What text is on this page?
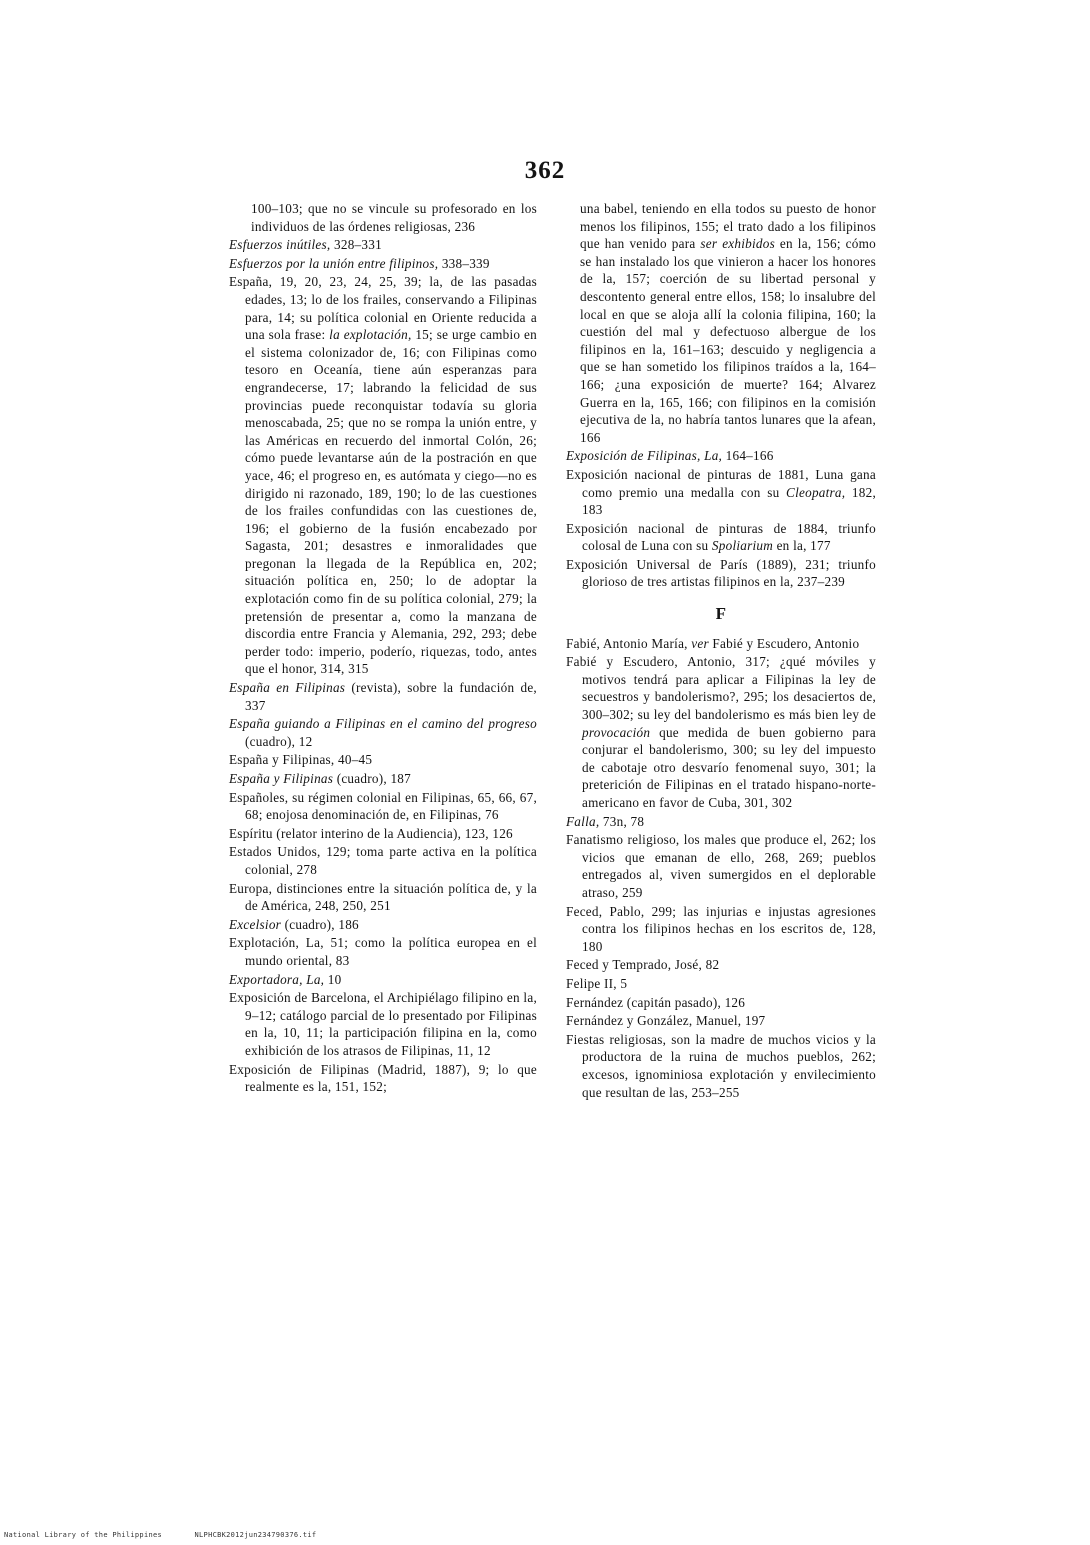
362

100–103; que no se vincule su profesorado en los individuos de las órdenes religiosas, 236

Esfuerzos inútiles, 328–331

Esfuerzos por la unión entre filipinos, 338–339

España, 19, 20, 23, 24, 25, 39; la, de las pasadas edades, 13; lo de los frailes, conservando a Filipinas para, 14; su política colonial en Oriente reducida a una sola frase: la explotación, 15; se urge cambio en el sistema colonizador de, 16; con Filipinas como tesoro en Oceanía, tiene aún esperanzas para engrandecerse, 17; labrando la felicidad de sus provincias puede reconquistar todavía su gloria menoscabada, 25; que no se rompa la unión entre, y las Américas en recuerdo del inmortal Colón, 26; cómo puede levantarse aún de la postración en que yace, 46; el progreso en, es autómata y ciego—no es dirigido ni razonado, 189, 190; lo de las cuestiones de los frailes confundidas con las cuestiones de, 196; el gobierno de la fusión encabezado por Sagasta, 201; desastres e inmoralidades que pregonan la llegada de la República en, 202; situación política en, 250; lo de adoptar la explotación como fin de su política colonial, 279; la pretensión de presentar a, como la manzana de discordia entre Francia y Alemania, 292, 293; debe perder todo: imperio, poderío, riquezas, todo, antes que el honor, 314, 315

España en Filipinas (revista), sobre la fundación de, 337

España guiando a Filipinas en el camino del progreso (cuadro), 12

España y Filipinas, 40–45

España y Filipinas (cuadro), 187

Españoles, su régimen colonial en Filipinas, 65, 66, 67, 68; enojosa denominación de, en Filipinas, 76

Espíritu (relator interino de la Audiencia), 123, 126

Estados Unidos, 129; toma parte activa en la política colonial, 278

Europa, distinciones entre la situación política de, y la de América, 248, 250, 251

Excelsior (cuadro), 186

Explotación, La, 51; como la política europea en el mundo oriental, 83

Exportadora, La, 10

Exposición de Barcelona, el Archipiélago filipino en la, 9–12; catálogo parcial de lo presentado por Filipinas en la, 10, 11; la participación filipina en la, como exhibición de los atrasos de Filipinas, 11, 12

Exposición de Filipinas (Madrid, 1887), 9; lo que realmente es la, 151, 152;

una babel, teniendo en ella todos su puesto de honor menos los filipinos, 155; el trato dado a los filipinos que han venido para ser exhibidos en la, 156; cómo se han instalado los que vinieron a hacer los honores de la, 157; coerción de su libertad personal y descontento general entre ellos, 158; lo insalubre del local en que se aloja allí la colonia filipina, 160; la cuestión del mal y defectuoso albergue de los filipinos en la, 161–163; descuido y negligencia a que se han sometido los filipinos traídos a la, 164–166; ¿una exposición de muerte? 164; Alvarez Guerra en la, 165, 166; con filipinos en la comisión ejecutiva de la, no habría tantos lunares que la afean, 166

Exposición de Filipinas, La, 164–166

Exposición nacional de pinturas de 1881, Luna gana como premio una medalla con su Cleopatra, 182, 183

Exposición nacional de pinturas de 1884, triunfo colosal de Luna con su Spoliarium en la, 177

Exposición Universal de París (1889), 231; triunfo glorioso de tres artistas filipinos en la, 237–239

F

Fabié, Antonio María, ver Fabié y Escudero, Antonio

Fabié y Escudero, Antonio, 317; ¿qué móviles y motivos tendrá para aplicar a Filipinas la ley de secuestros y bandolerismo?, 295; los desaciertos de, 300–302; su ley del bandolerismo es más bien ley de provocación que medida de buen gobierno para conjurar el bandolerismo, 300; su ley del impuesto de cabotaje otro desvarío fenomenal suyo, 301; la preterición de Filipinas en el tratado hispano-norte-americano en favor de Cuba, 301, 302

Falla, 73n, 78

Fanatismo religioso, los males que produce el, 262; los vicios que emanan de ello, 268, 269; pueblos entregados al, viven sumergidos en el deplorable atraso, 259

Feced, Pablo, 299; las injurias e injustas agresiones contra los filipinos hechas en los escritos de, 128, 180

Feced y Temprado, José, 82

Felipe II, 5

Fernández (capitán pasado), 126

Fernández y González, Manuel, 197

Fiestas religiosas, son la madre de muchos vicios y la productora de la ruina de muchos pueblos, 262; excesos, ignominiosa explotación y envilecimiento que resultan de las, 253–255

National Library of the Philippines	NLPHCBK2012jun234790376.tif
